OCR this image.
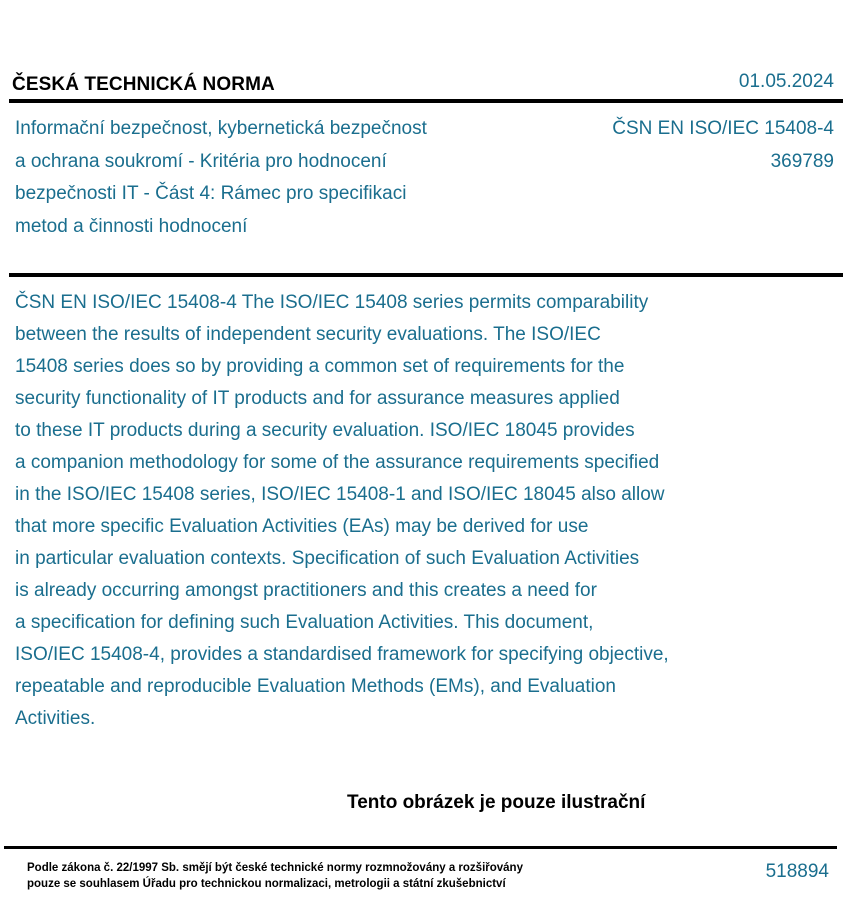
ČESKÁ TECHNICKÁ NORMA	01.05.2024
Informační bezpečnost, kybernetická bezpečnost
a ochrana soukromí - Kritéria pro hodnocení
bezpečnosti IT - Část 4: Rámec pro specifikaci
metod a činnosti hodnocení
ČSN EN ISO/IEC 15408-4
369789
ČSN EN ISO/IEC 15408-4 The ISO/IEC 15408 series permits comparability
between the results of independent security evaluations. The ISO/IEC
15408 series does so by providing a common set of requirements for the
security functionality of IT products and for assurance measures applied
to these IT products during a security evaluation. ISO/IEC 18045 provides
a companion methodology for some of the assurance requirements specified
in the ISO/IEC 15408 series, ISO/IEC 15408-1 and ISO/IEC 18045 also allow
that more specific Evaluation Activities (EAs) may be derived for use
in particular evaluation contexts. Specification of such Evaluation Activities
is already occurring amongst practitioners and this creates a need for
a specification for defining such Evaluation Activities. This document,
ISO/IEC 15408-4, provides a standardised framework for specifying objective,
repeatable and reproducible Evaluation Methods (EMs), and Evaluation
Activities.
Tento obrázek je pouze ilustrační
Podle zákona č. 22/1997 Sb. smějí být české technické normy rozmnožovány a rozšiřovány
pouze se souhlasem Úřadu pro technickou normalizaci, metrologii a státní zkušebnictví
518894
